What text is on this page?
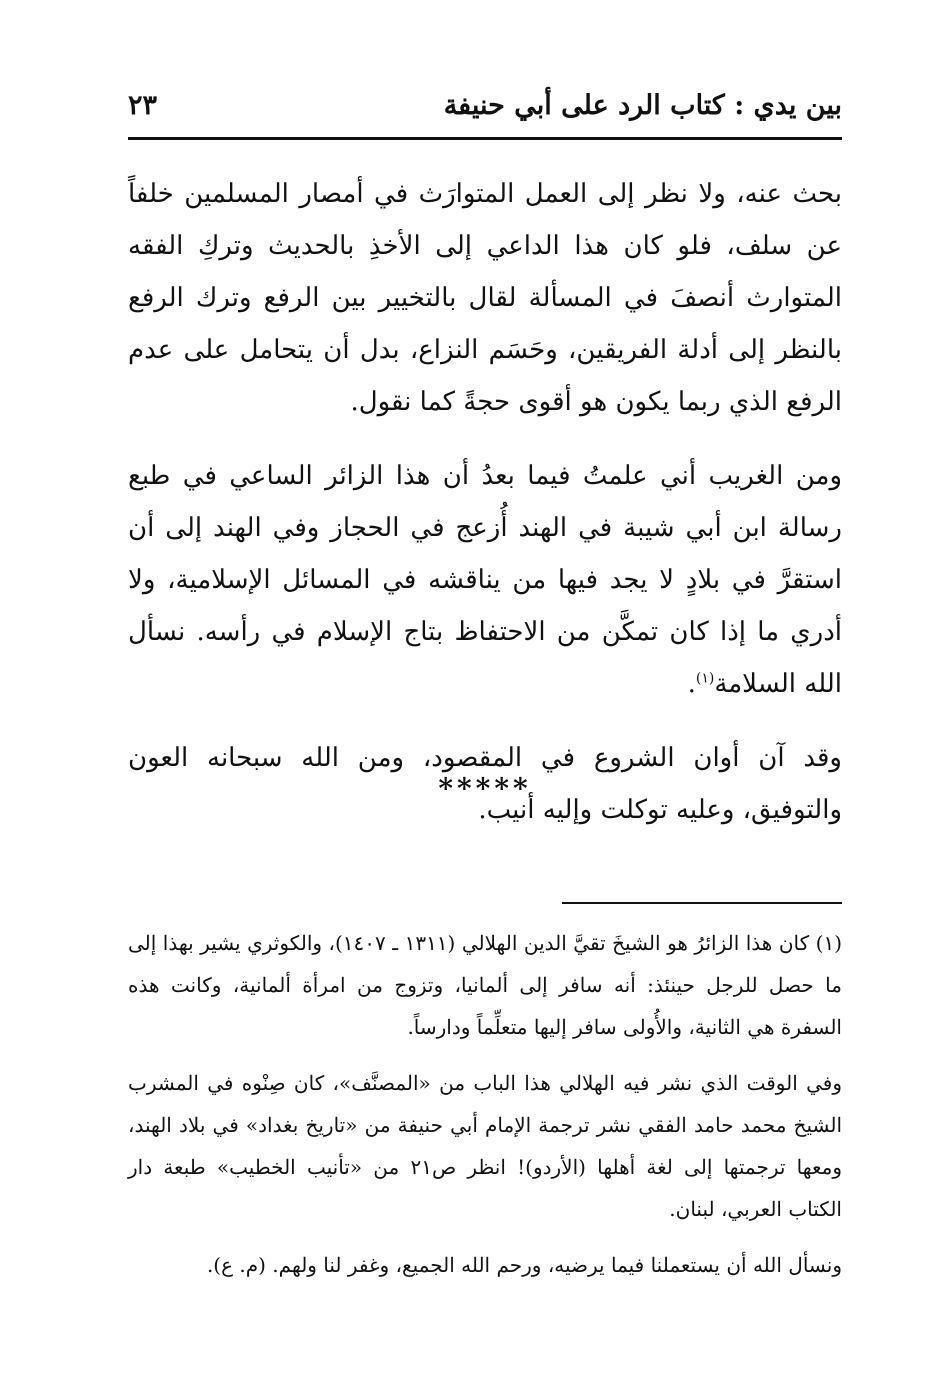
بين يدي : كتاب الرد على أبي حنيفة
٢٣

بحث عنه، ولا نظر إلى العمل المتوارَث في أمصار المسلمين خلفاً عن سلف، فلو كان هذا الداعي إلى الأخذِ بالحديث وتركِ الفقه المتوارث أنصفَ في المسألة لقال بالتخيير بين الرفع وترك الرفع بالنظر إلى أدلة الفريقين، وحَسَم النزاع، بدل أن يتحامل على عدم الرفع الذي ربما يكون هو أقوى حجةً كما نقول.

ومن الغريب أني علمتُ فيما بعدُ أن هذا الزائر الساعي في طبع رسالة ابن أبي شيبة في الهند أُزعج في الحجاز وفي الهند إلى أن استقرَّ في بلادٍ لا يجد فيها من يناقشه في المسائل الإسلامية، ولا أدري ما إذا كان تمكَّن من الاحتفاظ بتاج الإسلام في رأسه. نسأل الله السلامة$^{(١)}$.

وقد آن أوان الشروع في المقصود، ومن الله سبحانه العون والتوفيق، وعليه توكلت وإليه أنيب.

*****

(١) كان هذا الزائرُ هو الشيخَ تقيَّ الدين الهلالي (١٣١١ ـ ١٤٠٧)، والكوثري يشير بهذا إلى ما حصل للرجل حينئذ: أنه سافر إلى ألمانيا، وتزوج من امرأة ألمانية، وكانت هذه السفرة هي الثانية، والأُولى سافر إليها متعلِّماً ودارساً.

وفي الوقت الذي نشر فيه الهلالي هذا الباب من «المصنَّف»، كان صِنْوه في المشرب الشيخ محمد حامد الفقي نشر ترجمة الإمام أبي حنيفة من «تاريخ بغداد» في بلاد الهند، ومعها ترجمتها إلى لغة أهلها (الأردو)! انظر ص٢١ من «تأنيب الخطيب» طبعة دار الكتاب العربي، لبنان.

ونسأل الله أن يستعملنا فيما يرضيه، ورحم الله الجميع، وغفر لنا ولهم. (م. ع).
